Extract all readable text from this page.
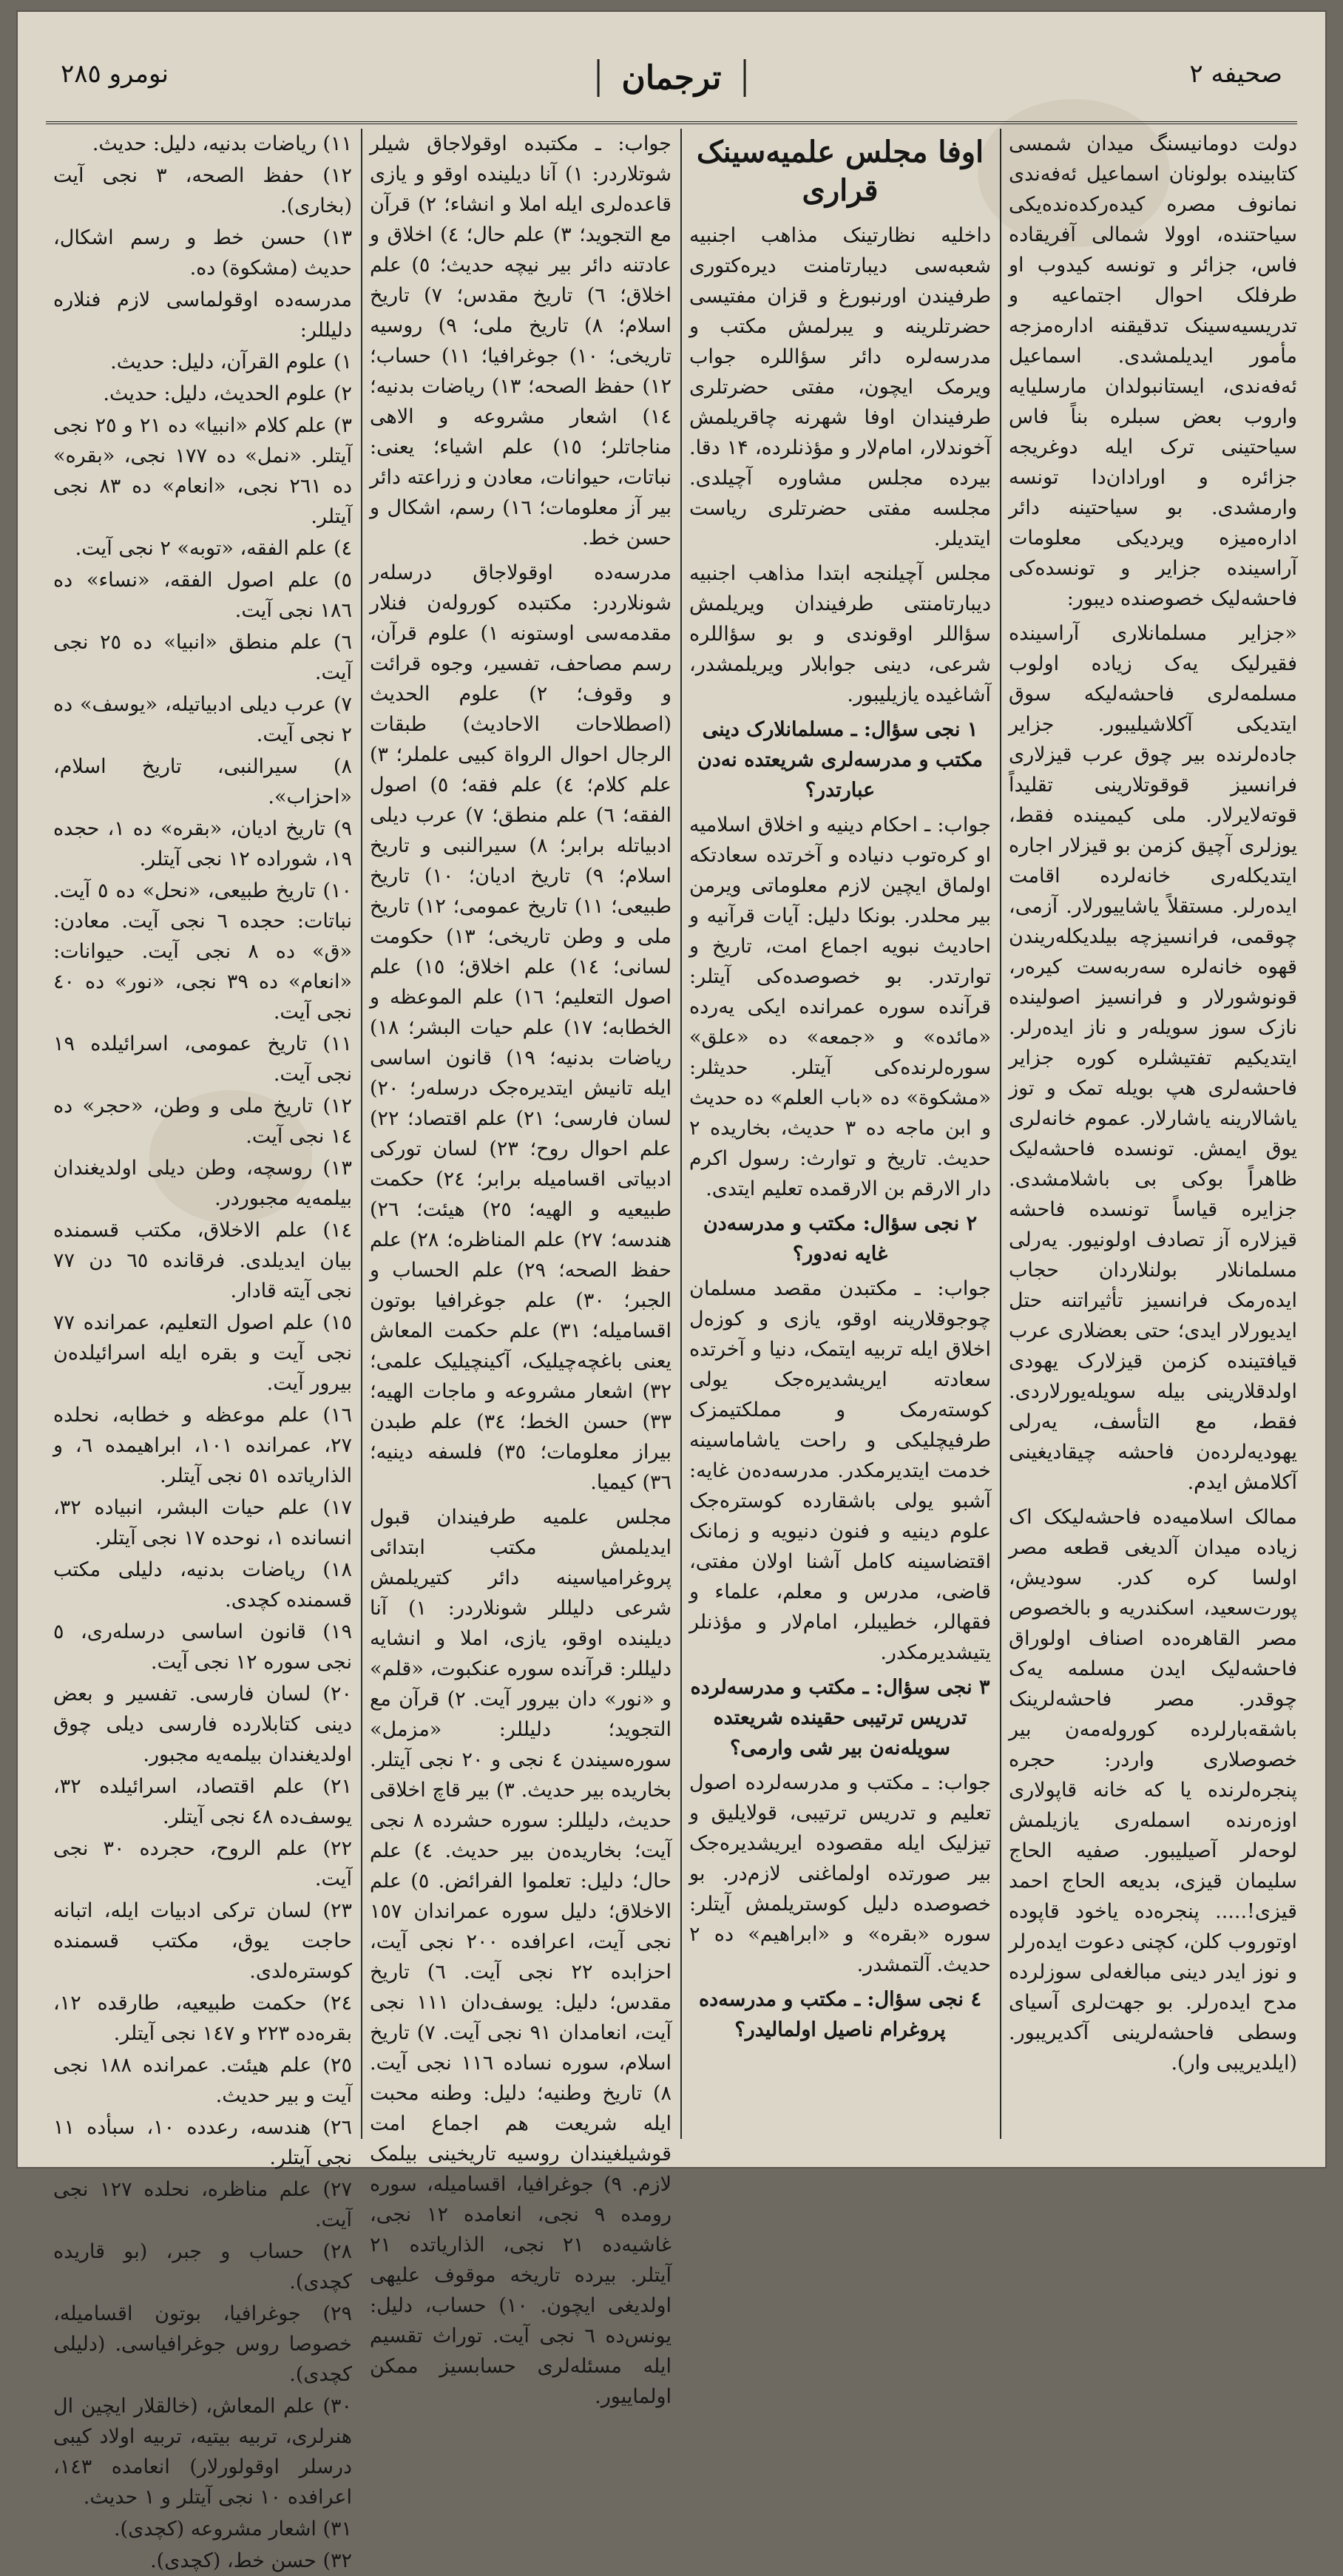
نومرو ٢٨٥	ترجمان	صحيفه ٢

دولت دومانیسنگ میدان شمسی کتابینده بولونان اسماعیل ئه‌فه‌ندی نمانوف مصره کیده‌رکده‌نده‌یکی سیاحتنده، اوولا شمالی آفریقاده فاس، جزائر و تونسه کیدوب او طرفلک احوال اجتماعیه و تدریسیه‌سینک تدقیقنه اداره‌مزجه مأمور ایدیلمشدی. اسماعیل ئه‌فه‌ندی، ایستانبولدان مارسلیایه واروب بعض سبلره بناً فاس سیاحتینی ترک ایله دوغریجه جزائره و اورادان‌دا تونسه وارمشدی. بو سیاحتینه دائر ادارەمیزه ویردیکی معلومات آراسینده جزایر و تونسده‌کی فاحشه‌لیک خصوصنده دیبور:

«جزایر مسلمانلاری آراسینده فقیرلیک یه‌ک زیاده اولوب مسلمه‌لری فاحشه‌لیکه سوق ایتدیکی آکلاشیلیبور. جزایر جاده‌لرنده بیر چوق عرب قیزلاری فرانسیز قوقوتلارینی تقلیداً قوته‌لایرلار. ملی کیمینده فقط، یوزلری آچیق کزمن بو قیزلار اجاره ایتدیکله‌ری خانه‌لرده اقامت ایده‌رلر. مستقلاً یاشاییورلار. آزمی، چوقمی، فرانسیزچه بیلدیکله‌ریندن قهوه خانه‌لره سه‌ربه‌ست کیره‌ر، قونوشورلار و فرانسیز اصولینده نازک سوز سویله‌ر و ناز ایده‌رلر. ایتدیکیم تفتیشلره کوره جزایر فاحشه‌لری هپ بویله تمک و توز یاشالارینه یاشارلار. عموم خانه‌لری یوق ایمش. تونسده فاحشه‌لیک ظاهراً بوکی بی باشلامشدی. جزایره قیاساً تونسده فاحشه قیزلاره آز تصادف اولونیور. یه‌رلی مسلمانلار بولنلاردان حجاب ایده‌رمک فرانسیز تأثیراتنه حتل ایدیورلار ایدی؛ حتی بعضلاری عرب قیافتینده کزمن قیزلارک یهودی اولدقلارینی بیله سویله‌یورلاردی. فقط، مع التأسف، یه‌رلی یهودیه‌لرده‌ن فاحشه چیقادیغینی آکلامش ایدم.

ممالک اسلامیه‌ده فاحشه‌لیکک اک زیاده میدان آلدیغی قطعه مصر اولسا کره کدر. سودیش، پورت‌سعید، اسکندریه و بالخصوص مصر القاهره‌ده اصناف اولوراق فاحشه‌لیک ایدن مسلمه یه‌ک چوقدر. مصر فاحشه‌لرینک باشقه‌بارلرده کوروله‌مه‌ن بیر خصوصلاری واردر: حجره پنجره‌لرنده یا که خانه قاپولاری اوزه‌رنده اسمله‌ری یازیلمش لوحه‌لر آصیلیبور. صفیه الحاج سلیمان قیزی، بدیعه الحاج احمد قیزی!..... پنجره‌ده یاخود قاپوده اوتوروب کلن، کچنی دعوت ایده‌رلر و نوز ایدر دینی مبالغه‌لی سوزلرده مدح ایده‌رلر. بو جهت‌لری آسیای وسطی فاحشه‌لرینی آکدیریبور. (ایلدیریبی وار).

اوفا مجلس علمیه‌سینک قراری

داخلیه نظارتینک مذاهب اجنبیه شعبه‌سی دیبارتامنت دیره‌کتوری طرفیندن اورنبورغ و قزان مفتیسی حضرتلرینه و یبرلمش مکتب و مدرسه‌لره دائر سؤاللره جواب ویرمک ایچون، مفتی حضرتلری طرفیندان اوفا شهرنه چاقریلمش آخوندلار، امام‌لار و مؤذنلرده، ۱۴ دقا. بیرده مجلس مشاوره آچیلدی. مجلسه مفتی حضرتلری ریاست ایتدیلر.

مجلس آچیلنجه ابتدا مذاهب اجنبیه دیبارتامنتی طرفیندان ویریلمش سؤاللر اوقوندی و بو سؤاللره شرعی، دینی جوابلار ویریلمشدر، آشاغیده یازیلیبور.

١ نجی سؤال: ـ مسلمانلارک دینی مکتب و مدرسه‌لری شریعتده نه‌دن عبارتدر؟

جواب: ـ احکام دینیه و اخلاق اسلامیه او کرەتوب دنیاده و آخرتده سعادتکه اولماق ایچین لازم معلوماتی ویرمن بیر محلدر. بونکا دلیل: آیات قرآنیه و احادیث نبویه اجماع امت، تاریخ و توارتدر. بو خصوصده‌کی آیتلر: قرآنده سوره عمرانده ایکی یه‌رده «مائده» و «جمعه» ده «علق» سوره‌لرنده‌کی آیتلر. حدیثلر: «مشکوة» ده «باب العلم» ده حدیث و ابن ماجه ده ٣ حدیث، بخاریده ٢ حدیث. تاریخ و توارث: رسول اکرم دار الارقم بن الارقمده تعلیم ایتدی.

٢ نجی سؤال: مکتب و مدرسه‌دن غایه نه‌دور؟

جواب: ـ مکتبدن مقصد مسلمان چوجوقلارینه اوقو، یازی و کوزەل اخلاق ایله تربیه ایتمک، دنیا و آخرتده سعادته ایریشدیره‌جک یولی کوسته‌رمک و مملکتیمزک طرفیچلیکی و راحت یاشاماسینه خدمت ایتدیرمکدر. مدرسه‌دەن غایه: آشبو یولی باشقارده کوسترەجک علوم دینیه و فنون دنیویه و زمانک اقتضاسینه کامل آشنا اولان مفتی، قاضی، مدرس و معلم، علماء و فقهالر، خطیبلر، امام‌لار و مؤذنلر یتیشدیرمکدر.

٣ نجی سؤال: ـ مکتب و مدرسه‌لرده تدریس ترتیبی حقینده شریعتده سویله‌نه‌ن بیر شی وارمی؟

جواب: ـ مکتب و مدرسه‌لرده اصول تعلیم و تدریس ترتیبی، قولایلیق و تیزلیک ایله مقصوده ایریشدیرەجک بیر صورتده اولماغنی لازم‌در. بو خصوصده دلیل کوستریلمش آیتلر: سوره «بقره» و «ابراهیم» ده ٢ حدیث. آلتمشدر.

٤ نجی سؤال: ـ مکتب و مدرسه‌ده پروغرام ناصیل اولمالیدر؟

جواب: ـ مکتبده اوقولاجاق شیلر شوتلاردر: ١) آنا دیلینده اوقو و یازی قاعده‌لری ایله املا و انشاء؛ ٢) قرآن مع التجوید؛ ٣) علم حال؛ ٤) اخلاق و عادتنه دائر بیر نیچه حدیث؛ ٥) علم اخلاق؛ ٦) تاریخ مقدس؛ ٧) تاریخ اسلام؛ ٨) تاریخ ملی؛ ٩) روسیه تاریخی؛ ١٠) جوغرافیا؛ ١١) حساب؛ ١٢) حفظ الصحه؛ ١٣) ریاضات بدنیه؛ ١٤) اشعار مشروعه و الاهی مناجاتلر؛ ١٥) علم اشیاء؛ یعنی: نباتات، حیوانات، معادن و زراعته دائر بیر آز معلومات؛ ١٦) رسم، اشکال و حسن خط.

مدرسه‌ده اوقولاجاق درسله‌ر شونلاردر: مکتبده کوروله‌ن فنلار مقدمه‌سی اوستونه ١) علوم قرآن، رسم مصاحف، تفسیر، وجوه قرائت و وقوف؛ ٢) علوم الحدیث (اصطلاحات الاحادیث) طبقات الرجال احوال الرواة کبیی علملر؛ ٣) علم کلام؛ ٤) علم فقه؛ ٥) اصول الفقه؛ ٦) علم منطق؛ ٧) عرب دیلی ادبیاتلە برابر؛ ٨) سیرالنبی و تاریخ اسلام؛ ٩) تاریخ ادیان؛ ١٠) تاریخ طبیعی؛ ١١) تاریخ عمومی؛ ١٢) تاریخ ملی و وطن تاریخی؛ ١٣) حکومت لسانی؛ ١٤) علم اخلاق؛ ١٥) علم اصول التعلیم؛ ١٦) علم الموعظه و الخطابه؛ ١٧) علم حیات البشر؛ ١٨) ریاضات بدنیه؛ ١٩) قانون اساسی ایله تانیش ایتدیره‌جک درسله‌ر؛ ٢٠) لسان فارسی؛ ٢١) علم اقتصاد؛ ٢٢) علم احوال روح؛ ٢٣) لسان توركی ادبیاتی اقسامیله برابر؛ ٢٤) حکمت طبیعیه و الهیه؛ ٢٥) هیئت؛ ٢٦) هندسه؛ ٢٧) علم المناظره؛ ٢٨) علم حفظ الصحه؛ ٢٩) علم الحساب و الجبر؛ ٣٠) علم جوغرافیا بوتون اقسامیله؛ ٣١) علم حکمت المعاش یعنی باغچه‌چیلیک، آکینچیلیک علمی؛ ٣٢) اشعار مشروعه و ماجات الهیه؛ ٣٣) حسن الخط؛ ٣٤) علم طبدن بیراز معلومات؛ ٣٥) فلسفه دینیه؛ ٣٦) کیمیا.

مجلس علمیه طرفیندان قبول ایدیلمش مکتب ابتدائی پروغرامیاسینه دائر کتیریلمش شرعی دلیللر شونلاردر: ١) آنا دیلینده اوقو، یازی، املا و انشا‌یه دلیللر: قرآنده سوره عنکبوت، «قلم» و «نور» دان بیرور آیت. ٢) قرآن مع التجوید؛ دلیللر: «مزمل» سوره‌سیندن ٤ نجی و ٢٠ نجی آیتلر. بخاریده بیر حدیث. ٣) بیر قاچ اخلاقی حدیث، دلیللر: سوره حشرده ٨ نجی آیت؛ بخاریده‌ن بیر حدیث. ٤) علم حال؛ دلیل: تعلموا الفرائض. ٥) علم الاخلاق؛ دلیل سوره عمراندان ١٥٧ نجی آیت، اعرافده ٢٠٠ نجی آیت، احزابده ٢٢ نجی آیت. ٦) تاریخ مقدس؛ دلیل: یوسف‌دان ١١١ نجی آیت، انعامدان ٩١ نجی آیت. ٧) تاریخ اسلام، سوره نساده ١١٦ نجی آیت. ٨) تاریخ وطنیه؛ دلیل: وطنه محبت ایله شریعت هم اجماع امت قوشیلغیندان روسیه تاریخینی بیلمک لازم. ٩) جوغرافیا، اقسامیله، سوره رومده ٩ نجی، انعامده ١٢ نجی، غاشیه‌ده ٢١ نجی، الذاریاتده ٢١ آیتلر. بیرده تاریخه موقوف علیهی اولدیغی ایچون. ١٠) حساب، دلیل: یونس‌ده ٦ نجی آیت. توراث تقسیم ایله مسئله‌لری حسابسیز ممکن اولماییور.

١١) ریاضات بدنیه، دلیل: حدیث.

١٢) حفظ الصحه، ٣ نجی آیت (بخاری).

١٣) حسن خط و رسم اشکال، حدیث (مشکوة) ده.

مدرسه‌ده اوقولماسی لازم فنلاره دلیللر:

١) علوم القرآن، دلیل: حدیث.

٢) علوم الحدیث، دلیل: حدیث.

٣) علم کلام «انبیا» ده ٢١ و ٢٥ نجی آیتلر. «نمل» ده ١٧٧ نجی، «بقره» ده ٢٦١ نجی، «انعام» ده ٨٣ نجی آیتلر.

٤) علم الفقه، «توبه» ٢ نجی آیت.

٥) علم اصول الفقه، «نساء» ده ١٨٦ نجی آیت.

٦) علم منطق «انبیا» ده ٢٥ نجی آیت.

٧) عرب دیلی ادبیاتیله، «یوسف» ده ٢ نجی آیت.

٨) سیرالنبی، تاریخ اسلام، «احزاب».

٩) تاریخ ادیان، «بقره» ده ١، حجده ١٩، شوراده ١٢ نجی آیتلر.

١٠) تاریخ طبیعی، «نحل» ده ٥ آیت. نباتات: حجده ٦ نجی آیت. معادن: «ق» ده ٨ نجی آیت. حیوانات: «انعام» ده ٣٩ نجی، «نور» ده ٤٠ نجی آیت.

١١) تاریخ عمومی، اسرائیلده ١٩ نجی آیت.

١٢) تاریخ ملی و وطن، «حجر» ده ١٤ نجی آیت.

١٣) روسچه، وطن دیلی اولدیغندان بیلمه‌یه مجبوردر.

١٤) علم الاخلاق، مکتب قسمنده بیان ایدیلدی. فرقانده ٦٥ دن ٧٧ نجی آیته قادار.

١٥) علم اصول التعلیم، عمرانده ٧٧ نجی آیت و بقره ایله اسرائیلدەن بیرور آیت.

١٦) علم موعظه و خطابه، نحلده ٢٧، عمرانده ١٠١، ابراهیمده ٦، و الذاریاتده ٥١ نجی آیتلر.

١٧) علم حیات البشر، انبیاده ٣٢، انسانده ١، نوحده ١٧ نجی آیتلر.

١٨) ریاضات بدنیه، دلیلی مکتب قسمنده کچدی.

١٩) قانون اساسی درسله‌ری، ٥ نجی سوره ١٢ نجی آیت.

٢٠) لسان فارسی. تفسیر و بعض دینی کتابلارده فارسی دیلی چوق اولدیغندان بیلمه‌یه مجبور.

٢١) علم اقتصاد، اسرائیلده ٣٢، یوسف‌ده ٤٨ نجی آیتلر.

٢٢) علم الروح، حجرده ٣٠ نجی آیت.

٢٣) لسان ترکی ادبیات ایله، اتبانه حاجت یوق، مکتب قسمنده کوسترەلدی.

٢٤) حکمت طبیعیه، طارقده ١٢، بقره‌ده ٢٢٣ و ١٤٧ نجی آیتلر.

٢٥) علم هیئت. عمرانده ١٨٨ نجی آیت و بیر حدیث.

٢٦) هندسه، رعدده ١٠، سبأده ١١ نجی آیتلر.

٢٧) علم مناظره، نحلده ١٢٧ نجی آیت.

٢٨) حساب و جبر، (بو قاریده کچدی).

٢٩) جوغرافیا، بوتون اقسامیله، خصوصا روس جوغرافیاسی. (دلیلی کچدی).

٣٠) علم المعاش، (خالقلار ایچین ال هنرلری، تربیه بیتیه، تربیه اولاد کیبی درسلر اوقولورلار) انعامده ١٤٣، اعرافده ١٠ نجی آیتلر و ١ حدیث.

٣١) اشعار مشروعه (کچدی).

٣٢) حسن خط، (کچدی).
